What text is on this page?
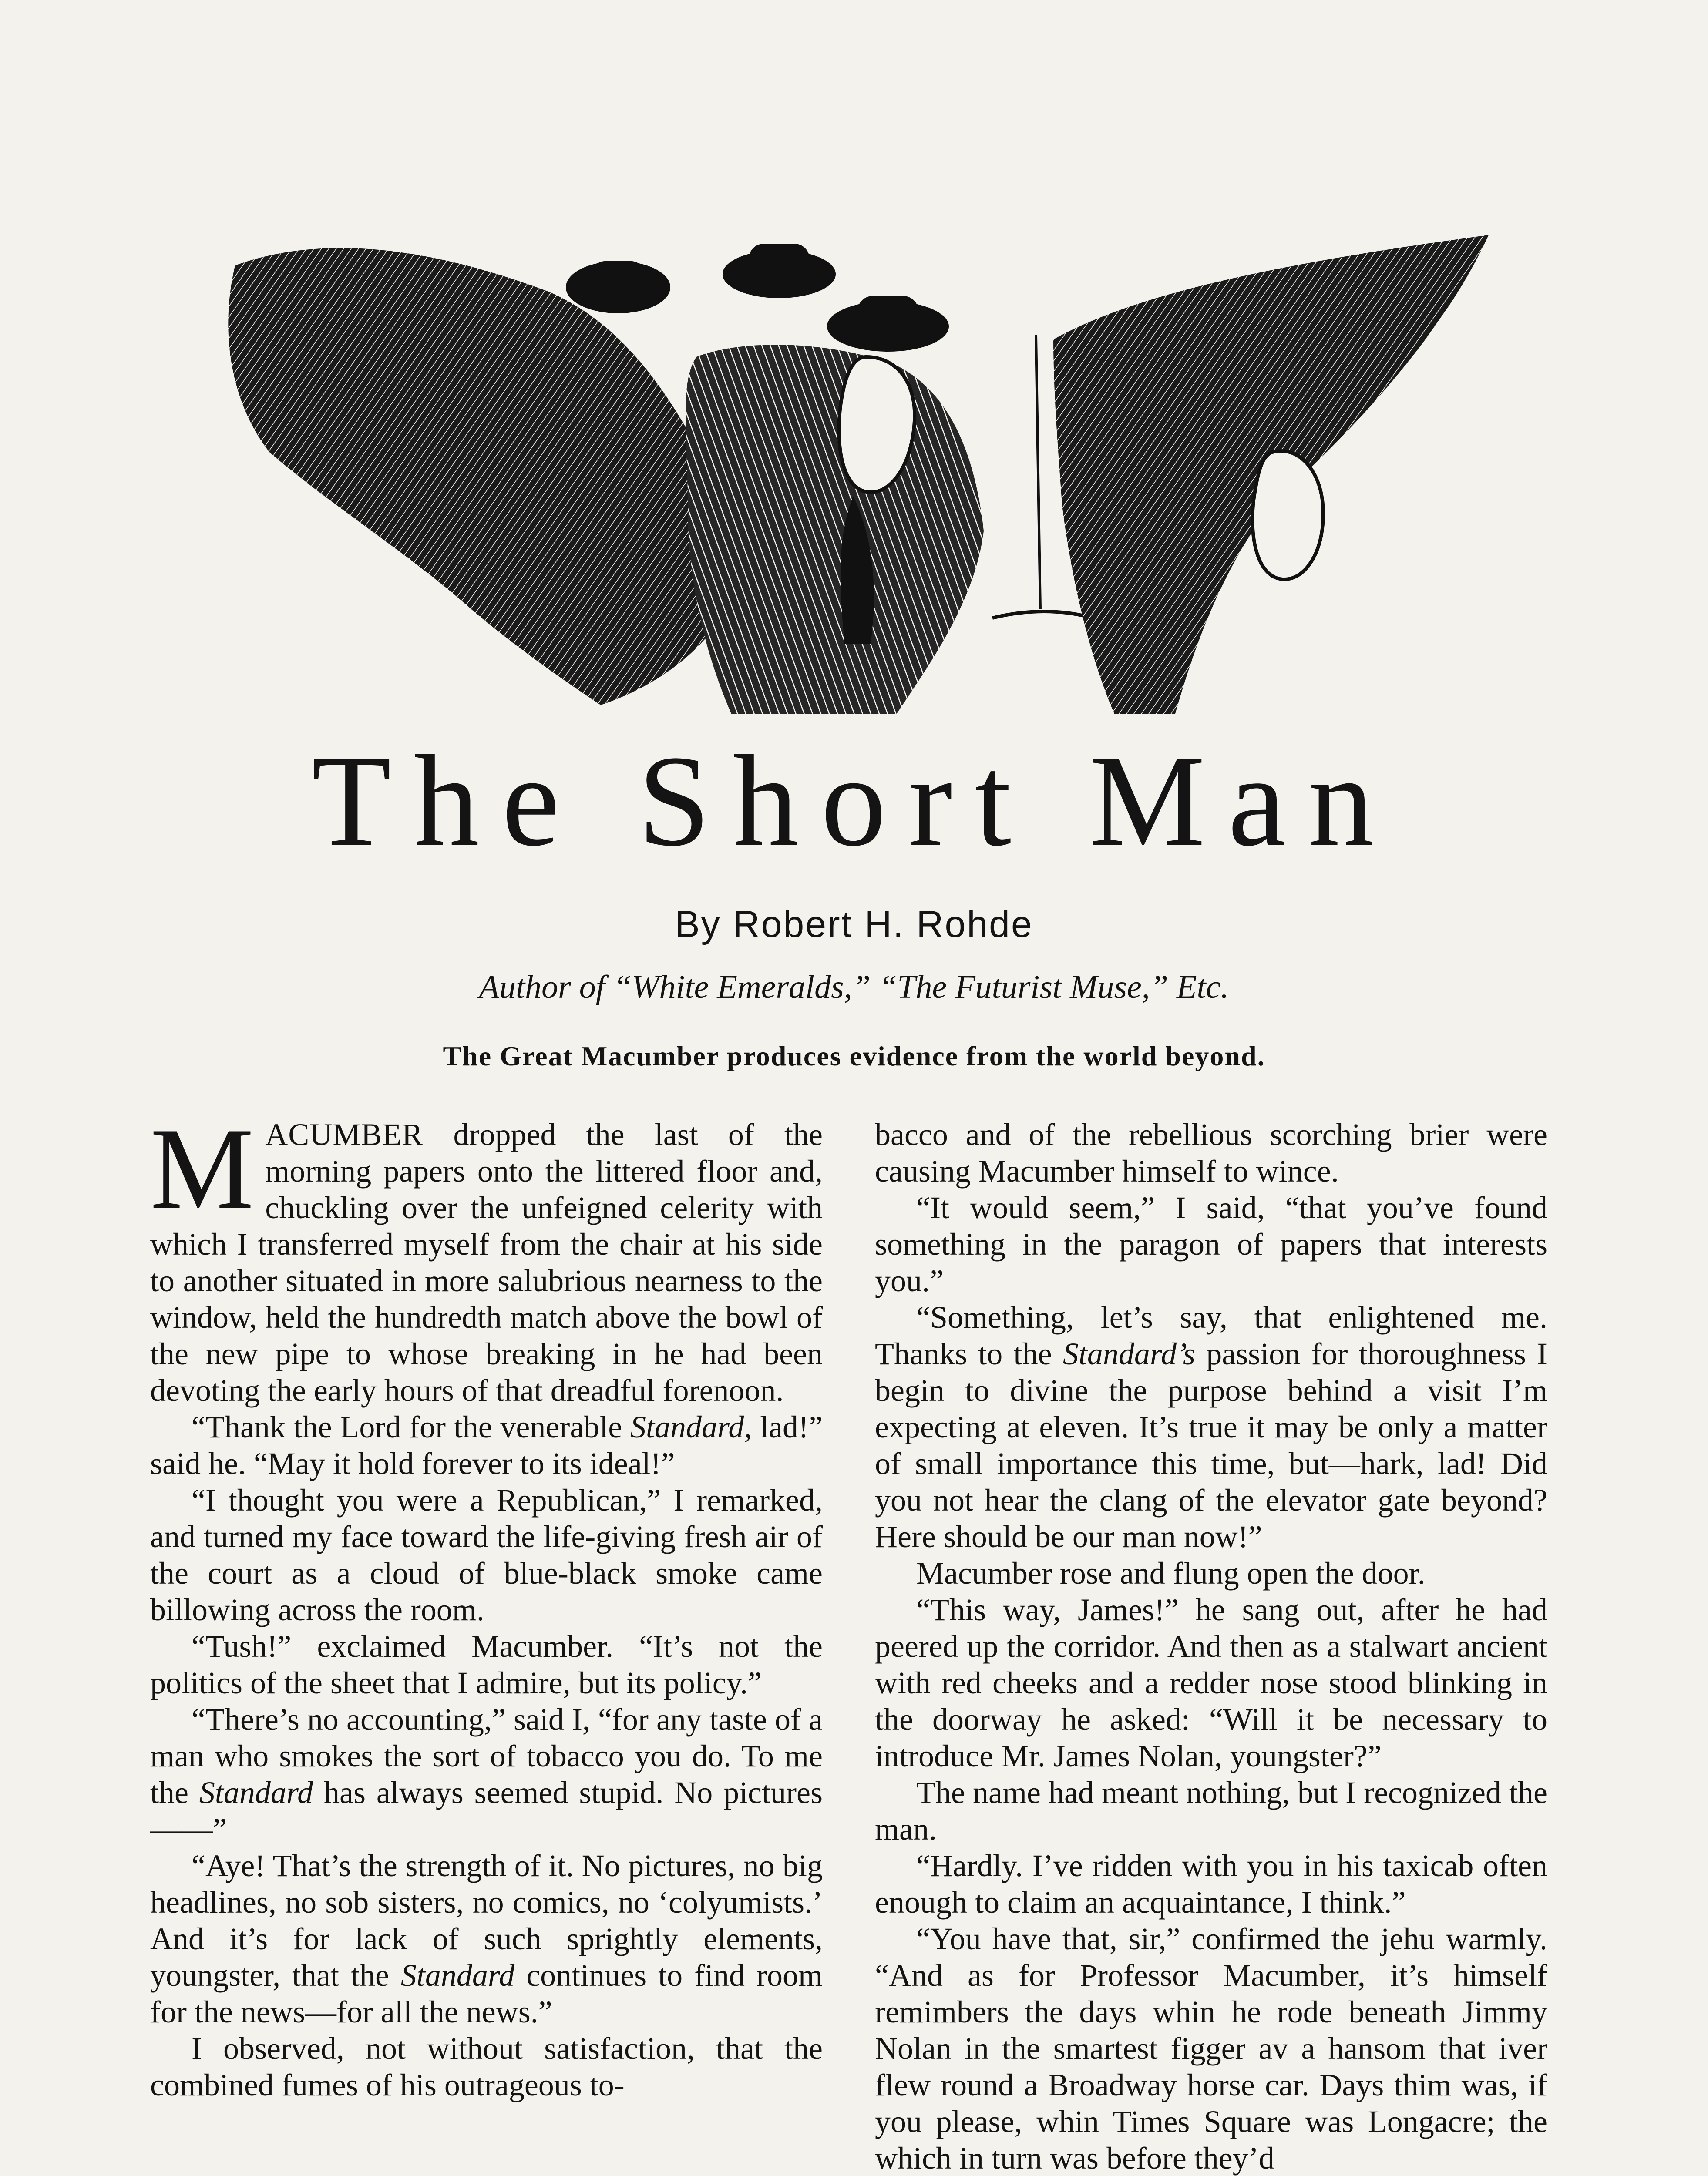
The Short Man
By Robert H. Rohde
Author of “White Emeralds,” “The Futurist Muse,” Etc.
The Great Macumber produces evidence from the world beyond.

MACUMBER dropped the last of the morning papers onto the littered floor and, chuckling over the unfeigned celerity with which I transferred myself from the chair at his side to another situated in more salubrious nearness to the window, held the hundredth match above the bowl of the new pipe to whose breaking in he had been devoting the early hours of that dreadful forenoon.

“Thank the Lord for the venerable Standard, lad!” said he. “May it hold forever to its ideal!”

“I thought you were a Republican,” I remarked, and turned my face toward the life-giving fresh air of the court as a cloud of blue-black smoke came billowing across the room.

“Tush!” exclaimed Macumber. “It’s not the politics of the sheet that I admire, but its policy.”

“There’s no accounting,” said I, “for any taste of a man who smokes the sort of tobacco you do. To me the Standard has always seemed stupid. No pictures——”

“Aye! That’s the strength of it. No pictures, no big headlines, no sob sisters, no comics, no ‘colyumists.’ And it’s for lack of such sprightly elements, youngster, that the Standard continues to find room for the news—for all the news.”

I observed, not without satisfaction, that the combined fumes of his outrageous to-

bacco and of the rebellious scorching brier were causing Macumber himself to wince.

“It would seem,” I said, “that you’ve found something in the paragon of papers that interests you.”

“Something, let’s say, that enlightened me. Thanks to the Standard’s passion for thoroughness I begin to divine the purpose behind a visit I’m expecting at eleven. It’s true it may be only a matter of small importance this time, but—hark, lad! Did you not hear the clang of the elevator gate beyond? Here should be our man now!”

Macumber rose and flung open the door.

“This way, James!” he sang out, after he had peered up the corridor. And then as a stalwart ancient with red cheeks and a redder nose stood blinking in the doorway he asked: “Will it be necessary to introduce Mr. James Nolan, youngster?”

The name had meant nothing, but I recognized the man.

“Hardly. I’ve ridden with you in his taxicab often enough to claim an acquaintance, I think.”

“You have that, sir,” confirmed the jehu warmly. “And as for Professor Macumber, it’s himself remimbers the days whin he rode beneath Jimmy Nolan in the smartest figger av a hansom that iver flew round a Broadway horse car. Days thim was, if you please, whin Times Square was Longacre; the which in turn was before they’d
